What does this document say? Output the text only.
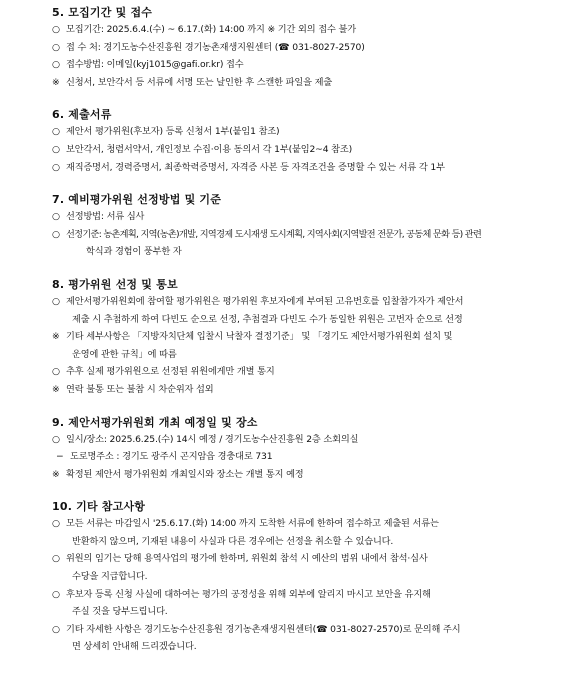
5. 모집기간 및 접수
○ 모집기간: 2025.6.4.(수) ~ 6.17.(화) 14:00 까지 ※ 기간 외의 접수 불가
○ 접 수 처: 경기도농수산진흥원 경기농촌재생지원센터 (☎ 031-8027-2570)
○ 접수방법: 이메일(kyj1015@gafi.or.kr) 접수
※ 신청서, 보안각서 등 서류에 서명 또는 날인한 후 스캔한 파일을 제출
6. 제출서류
○ 제안서 평가위원(후보자) 등록 신청서 1부(붙임1 참조)
○ 보안각서, 청렴서약서, 개인정보 수집·이용 동의서 각 1부(붙임2~4 참조)
○ 재직증명서, 경력증명서, 최종학력증명서, 자격증 사본 등 자격조건을 증명할 수 있는 서류 각 1부
7. 예비평가위원 선정방법 및 기준
○ 선정방법: 서류 심사
○ 선정기준: 농촌계획, 지역(농촌)개발, 지역경제 도시재생 도시계획, 지역사회(지역발전 전문가, 공동체 문화 등) 관련
학식과 경험이 풍부한 자
8. 평가위원 선정 및 통보
○ 제안서평가위원회에 참여할 평가위원은 평가위원 후보자에게 부여된 고유번호를 입찰참가자가 제안서
제출 시 추첨하게 하여 다빈도 순으로 선정, 추첨결과 다빈도 수가 동일한 위원은 고번자 순으로 선정
※ 기타 세부사항은 「지방자치단체 입찰시 낙찰자 결정기준」 및 「경기도 제안서평가위원회 설치 및
운영에 관한 규칙」에 따름
○ 추후 실제 평가위원으로 선정된 위원에게만 개별 통지
※ 연락 불통 또는 불참 시 차순위자 섭외
9. 제안서평가위원회 개최 예정일 및 장소
○ 일시/장소: 2025.6.25.(수) 14시 예정 / 경기도농수산진흥원 2층 소회의실
− 도로명주소 : 경기도 광주시 곤지암읍 경충대로 731
※ 확정된 제안서 평가위원회 개최일시와 장소는 개별 통지 예정
10. 기타 참고사항
○ 모든 서류는 마감일시 '25.6.17.(화) 14:00 까지 도착한 서류에 한하여 접수하고 제출된 서류는
반환하지 않으며, 기재된 내용이 사실과 다른 경우에는 선정을 취소할 수 있습니다.
○ 위원의 임기는 당해 용역사업의 평가에 한하며, 위원회 참석 시 예산의 범위 내에서 참석·심사
수당을 지급합니다.
○ 후보자 등록 신청 사실에 대하여는 평가의 공정성을 위해 외부에 알리지 마시고 보안을 유지해
주실 것을 당부드립니다.
○ 기타 자세한 사항은 경기도농수산진흥원 경기농촌재생지원센터(☎ 031-8027-2570)로 문의해 주시
면 상세히 안내해 드리겠습니다.
